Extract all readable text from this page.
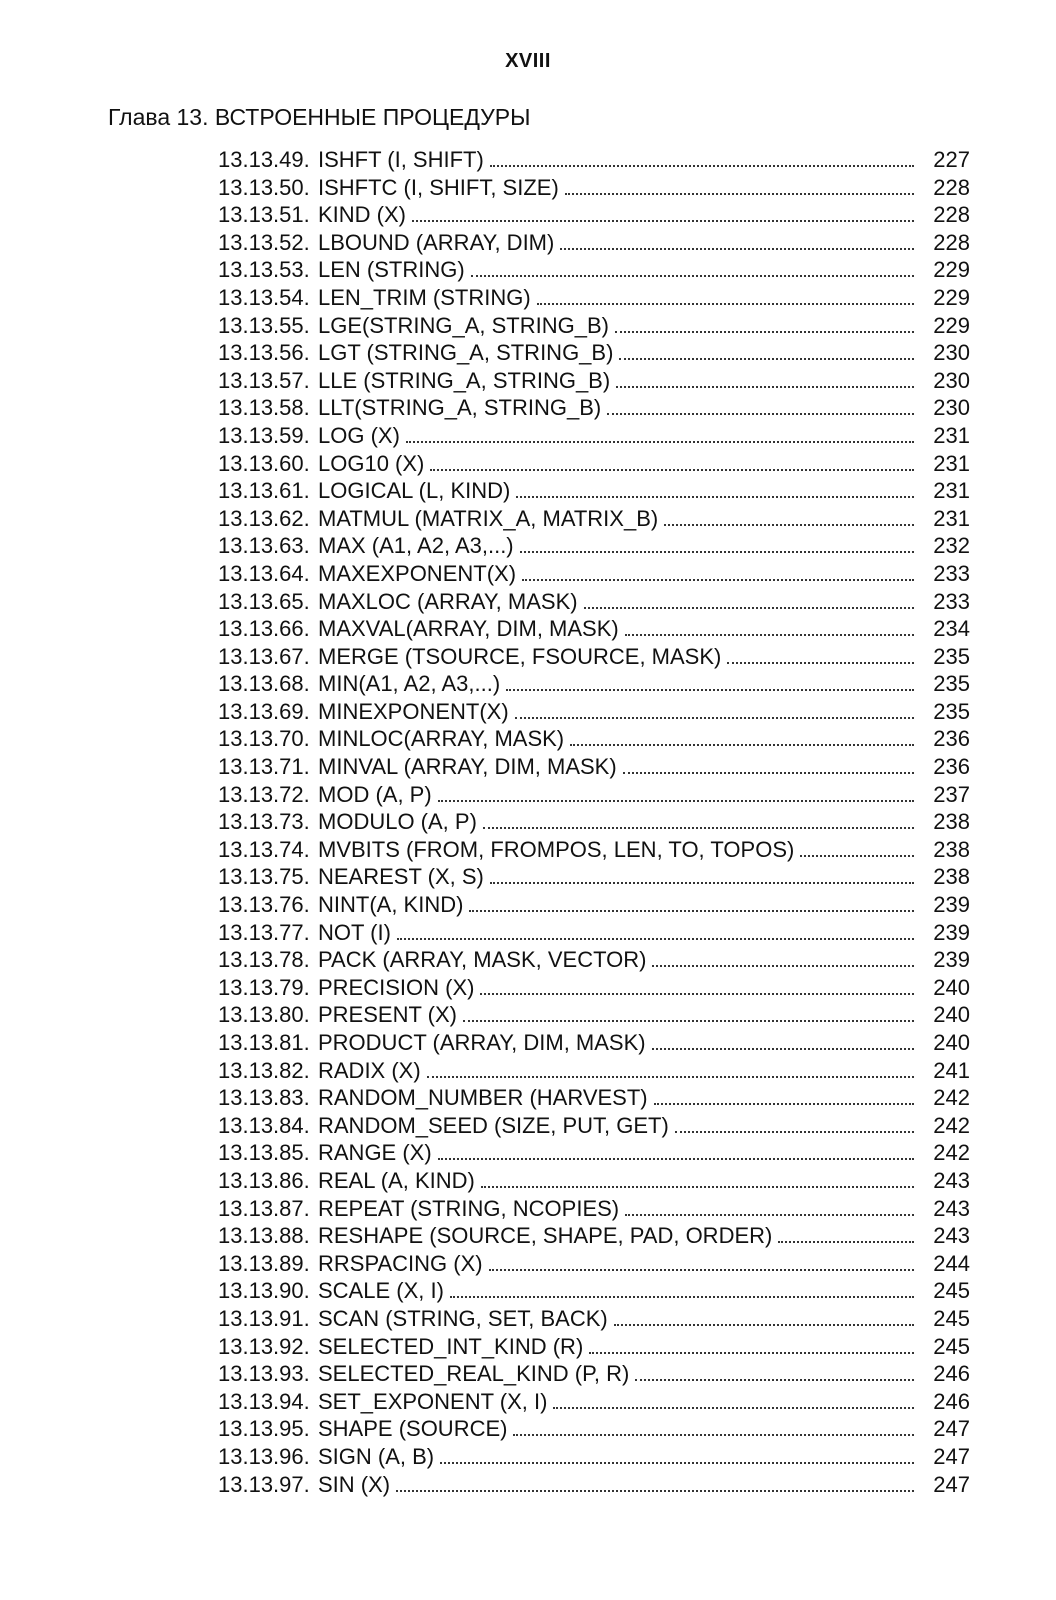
XVIII
Глава 13. ВСТРОЕННЫЕ ПРОЦЕДУРЫ
13.13.49. ISHFT (I, SHIFT)	227
13.13.50. ISHFTC (I, SHIFT, SIZE)	228
13.13.51. KIND (X)	228
13.13.52. LBOUND (ARRAY, DIM)	228
13.13.53. LEN (STRING)	229
13.13.54. LEN_TRIM (STRING)	229
13.13.55. LGE(STRING_A, STRING_B)	229
13.13.56. LGT (STRING_A, STRING_B)	230
13.13.57. LLE (STRING_A, STRING_B)	230
13.13.58. LLT(STRING_A, STRING_B)	230
13.13.59. LOG (X)	231
13.13.60. LOG10 (X)	231
13.13.61. LOGICAL (L, KIND)	231
13.13.62. MATMUL (MATRIX_A, MATRIX_B)	231
13.13.63. MAX (A1, A2, A3,...)	232
13.13.64. MAXEXPONENT(X)	233
13.13.65. MAXLOC (ARRAY, MASK)	233
13.13.66. MAXVAL(ARRAY, DIM, MASK)	234
13.13.67. MERGE (TSOURCE, FSOURCE, MASK)	235
13.13.68. MIN(A1, A2, A3,...)	235
13.13.69. MINEXPONENT(X)	235
13.13.70. MINLOC(ARRAY, MASK)	236
13.13.71. MINVAL (ARRAY, DIM, MASK)	236
13.13.72. MOD (A, P)	237
13.13.73. MODULO (A, P)	238
13.13.74. MVBITS (FROM, FROMPOS, LEN, TO, TOPOS)	238
13.13.75. NEAREST (X, S)	238
13.13.76. NINT(A, KIND)	239
13.13.77. NOT (I)	239
13.13.78. PACK (ARRAY, MASK, VECTOR)	239
13.13.79. PRECISION (X)	240
13.13.80. PRESENT (X)	240
13.13.81. PRODUCT (ARRAY, DIM, MASK)	240
13.13.82. RADIX (X)	241
13.13.83. RANDOM_NUMBER (HARVEST)	242
13.13.84. RANDOM_SEED (SIZE, PUT, GET)	242
13.13.85. RANGE (X)	242
13.13.86. REAL (A, KIND)	243
13.13.87. REPEAT (STRING, NCOPIES)	243
13.13.88. RESHAPE (SOURCE, SHAPE, PAD, ORDER)	243
13.13.89. RRSPACING (X)	244
13.13.90. SCALE (X, I)	245
13.13.91. SCAN (STRING, SET, BACK)	245
13.13.92. SELECTED_INT_KIND (R)	245
13.13.93. SELECTED_REAL_KIND (P, R)	246
13.13.94. SET_EXPONENT (X, I)	246
13.13.95. SHAPE (SOURCE)	247
13.13.96. SIGN (A, B)	247
13.13.97. SIN (X)	247
